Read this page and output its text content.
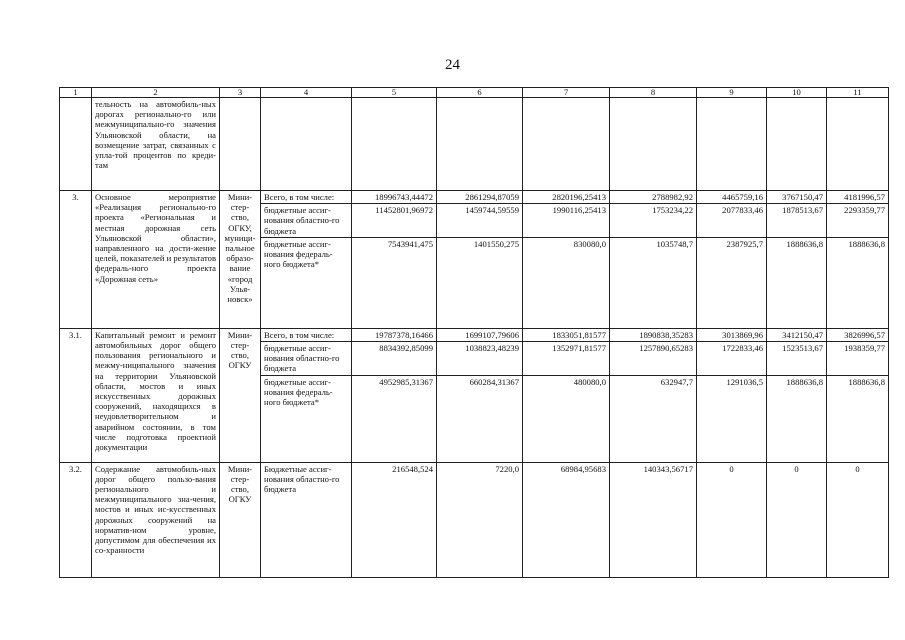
24
1	2	3	4	5	6	7	8	9	10	11
	тельность на автомобиль-ных дорогах регионально-го или межмуниципально-го значения Ульяновской области, на возмещение затрат, связанных с упла-той процентов по креди-там									
3.	Основное мероприятие «Реализация регионально-го проекта «Региональная и местная дорожная сеть Ульяновской области», направленного на дости-жение целей, показателей и результатов федераль-ного проекта «Дорожная сеть»	Мини-стер-ство, ОГКУ, муници-пальное образо-вание «город Улья-новск»	Всего, в том числе:	18996743,44472	2861294,87059	2820196,25413	2788982,92	4465759,16	3767150,47	4181996,57
			бюджетные ассиг-нования областно-го бюджета	11452801,96972	1459744,59559	1990116,25413	1753234,22	2077833,46	1878513,67	2293359,77
			бюджетные ассиг-нования федераль-ного бюджета*	7543941,475	1401550,275	830080,0	1035748,7	2387925,7	1888636,8	1888636,8
3.1.	Капитальный ремонт и ремонт автомобильных дорог общего пользования регионального и межму-ниципального значения на территории Ульяновской области, мостов и иных искусственных дорожных сооружений, находящихся в неудовлетворительном и аварийном состоянии, в том числе подготовка проектной документации	Мини-стер-ство, ОГКУ	Всего, в том числе:	19787378,16466	1699107,79606	1833051,81577	1890838,35283	3013869,96	3412150,47	3826996,57
			бюджетные ассиг-нования областно-го бюджета	8834392,85099	1038823,48239	1352971,81577	1257890,65283	1722833,46	1523513,67	1938359,77
			бюджетные ассиг-нования федераль-ного бюджета*	4952985,31367	660284,31367	480080,0	632947,7	1291036,5	1888636,8	1888636,8
3.2.	Содержание автомобиль-ных дорог общего пользо-вания регионального и межмуниципального зна-чения, мостов и иных ис-кусственных дорожных сооружений на норматив-ном уровне, допустимом для обеспечения их со-хранности	Мини-стер-ство, ОГКУ	Бюджетные ассиг-нования областно-го бюджета	216548,524	7220,0	68984,95683	140343,56717	0	0	0
